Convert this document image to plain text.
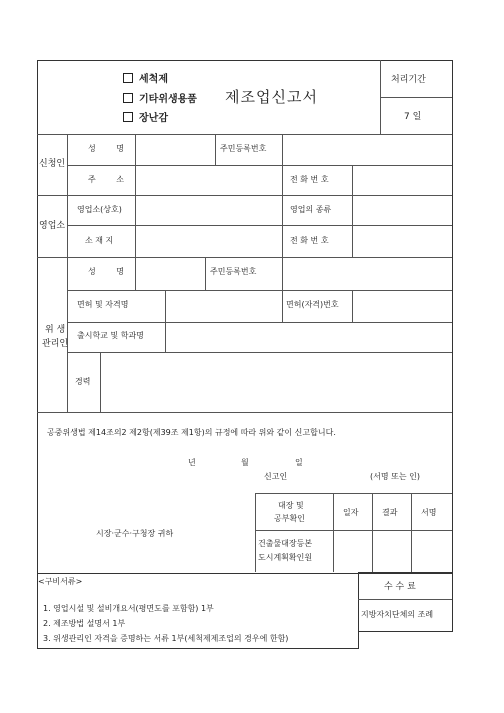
세척제
기타위생용품
장난감
제조업신고서
처리기간
7 일
신청인
성 명	주민등록번호
주 소	전 화 번 호
영업소
영업소(상호)	영업의 종류
소 재 지	전 화 번 호
위 생
관리인
성 명	주민등록번호
면허 및 자격명	면허(자격)번호
출시학교 및 학과명
경력
공중위생법 제14조의2 제2항(제39조 제1항)의 규정에 따라 위와 같이 신고합니다.
년	월	일
신고인	(서명 또는 인)
시장·군수·구청장 귀하
대장 및
공부확인
일자	결과	서명
건출물대장등본
도시계획확인원
<구비서류>
1. 영업시설 및 설비개요서(평면도를 포함함) 1부
2. 제조방법 설명서 1부
3. 위생관리인 자격을 증명하는 서류 1부(세척제제조업의 경우에 한함)
수 수 료
지방자치단체의 조례
